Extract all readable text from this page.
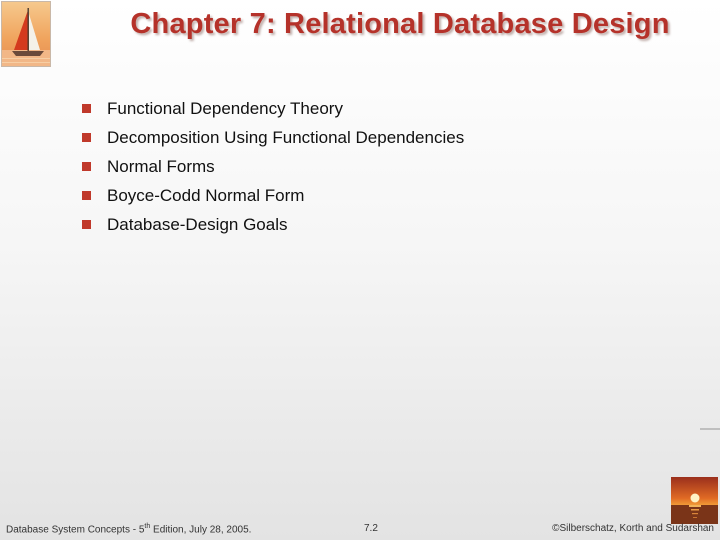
Chapter 7: Relational Database Design
Functional Dependency Theory
Decomposition Using Functional Dependencies
Normal Forms
Boyce-Codd Normal Form
Database-Design Goals
Database System Concepts - 5th Edition, July 28, 2005.	7.2	©Silberschatz, Korth and Sudarshan
